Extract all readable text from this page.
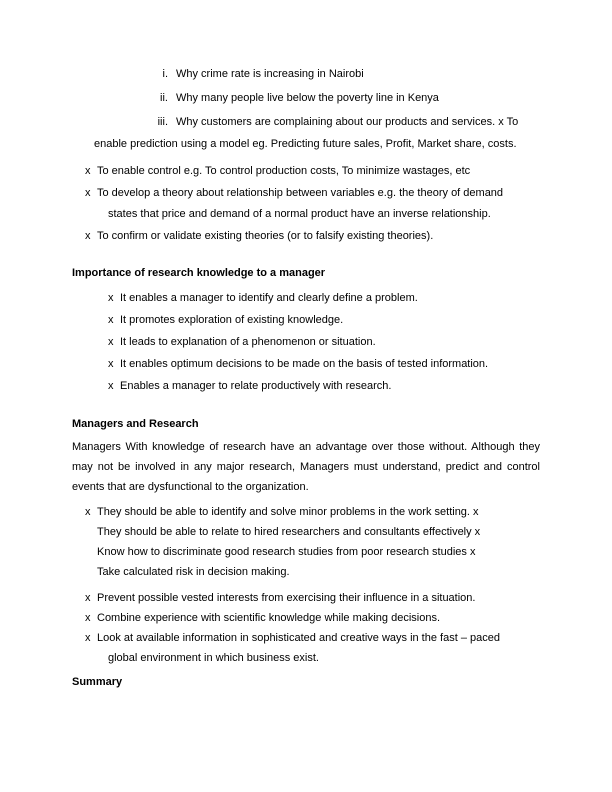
i. Why crime rate is increasing in Nairobi
ii. Why many people live below the poverty line in Kenya
iii. Why customers are complaining about our products and services. x To
enable prediction using a model eg. Predicting future sales, Profit, Market share, costs.
x To enable control e.g. To control production costs, To minimize wastages, etc
x To develop a theory about relationship between variables e.g. the theory of demand
states that price and demand of a normal product have an inverse relationship.
x To confirm or validate existing theories (or to falsify existing theories).
Importance of research knowledge to a manager
x It enables a manager to identify and clearly define a problem.
x It promotes exploration of existing knowledge.
x It leads to explanation of a phenomenon or situation.
x It enables optimum decisions to be made on the basis of tested information.
x Enables a manager to relate productively with research.
Managers and Research

Managers With knowledge of research have an advantage over those without. Although they may not be involved in any major research, Managers must understand, predict and control events that are dysfunctional to the organization.

x They should be able to identify and solve minor problems in the work setting. x
They should be able to relate to hired researchers and consultants effectively x
Know how to discriminate good research studies from poor research studies x
Take calculated risk in decision making.
x Prevent possible vested interests from exercising their influence in a situation.
x Combine experience with scientific knowledge while making decisions.
x Look at available information in sophisticated and creative ways in the fast – paced
global environment in which business exist.
Summary
